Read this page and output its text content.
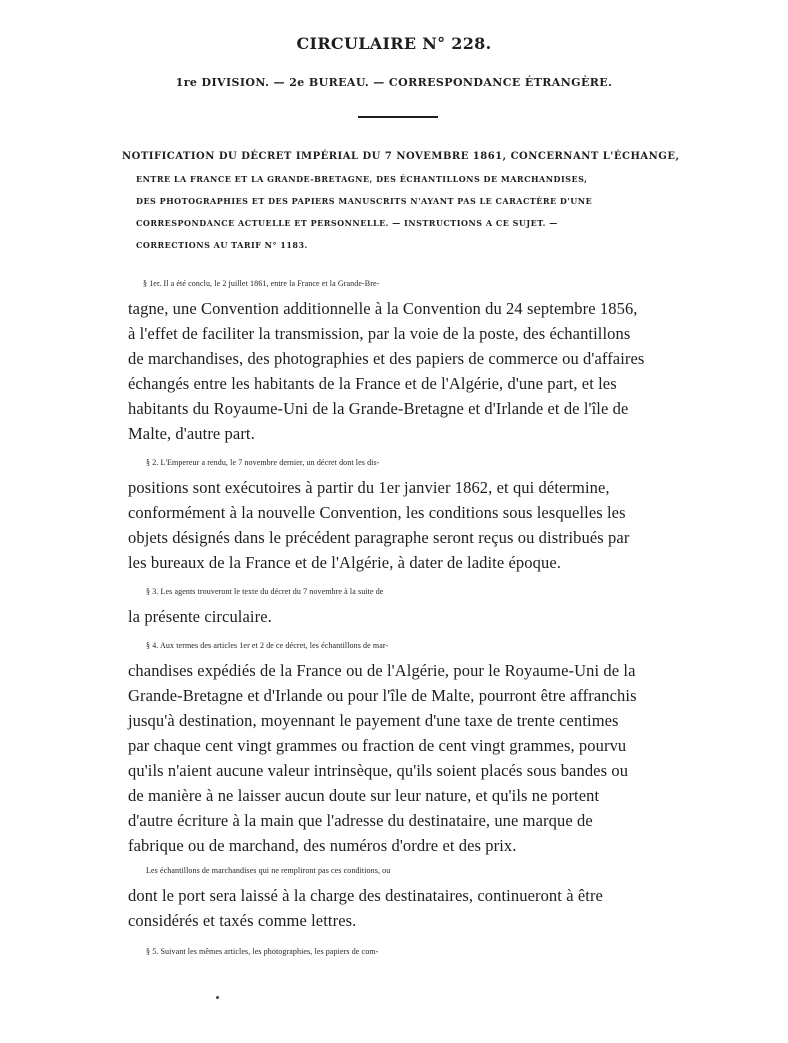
CIRCULAIRE N° 228.
1re DIVISION. — 2e BUREAU. — CORRESPONDANCE ÉTRANGÈRE.
NOTIFICATION DU DÉCRET IMPÉRIAL DU 7 NOVEMBRE 1861, CONCERNANT L'ÉCHANGE,
ENTRE LA FRANCE ET LA GRANDE-BRETAGNE, DES ÉCHANTILLONS DE MARCHANDISES,
DES PHOTOGRAPHIES ET DES PAPIERS MANUSCRITS N'AYANT PAS LE CARACTÈRE D'UNE
CORRESPONDANCE ACTUELLE ET PERSONNELLE. — INSTRUCTIONS A CE SUJET. —
CORRECTIONS AU TARIF N° 1183.
§ 1er. Il a été conclu, le 2 juillet 1861, entre la France et la Grande-Bre-
tagne, une Convention additionnelle à la Convention du 24 septembre 1856,
à l'effet de faciliter la transmission, par la voie de la poste, des échantillons
de marchandises, des photographies et des papiers de commerce ou d'affaires
échangés entre les habitants de la France et de l'Algérie, d'une part, et les
habitants du Royaume-Uni de la Grande-Bretagne et d'Irlande et de l'île de
Malte, d'autre part.
§ 2. L'Empereur a rendu, le 7 novembre dernier, un décret dont les dis-
positions sont exécutoires à partir du 1er janvier 1862, et qui détermine,
conformément à la nouvelle Convention, les conditions sous lesquelles les
objets désignés dans le précédent paragraphe seront reçus ou distribués par
les bureaux de la France et de l'Algérie, à dater de ladite époque.
§ 3. Les agents trouveront le texte du décret du 7 novembre à la suite de
la présente circulaire.
§ 4. Aux termes des articles 1er et 2 de ce décret, les échantillons de mar-
chandises expédiés de la France ou de l'Algérie, pour le Royaume-Uni de la
Grande-Bretagne et d'Irlande ou pour l'île de Malte, pourront être affranchis
jusqu'à destination, moyennant le payement d'une taxe de trente centimes
par chaque cent vingt grammes ou fraction de cent vingt grammes, pourvu
qu'ils n'aient aucune valeur intrinsèque, qu'ils soient placés sous bandes ou
de manière à ne laisser aucun doute sur leur nature, et qu'ils ne portent
d'autre écriture à la main que l'adresse du destinataire, une marque de
fabrique ou de marchand, des numéros d'ordre et des prix.
Les échantillons de marchandises qui ne rempliront pas ces conditions, ou
dont le port sera laissé à la charge des destinataires, continueront à être
considérés et taxés comme lettres.
§ 5. Suivant les mêmes articles, les photographies, les papiers de com-
